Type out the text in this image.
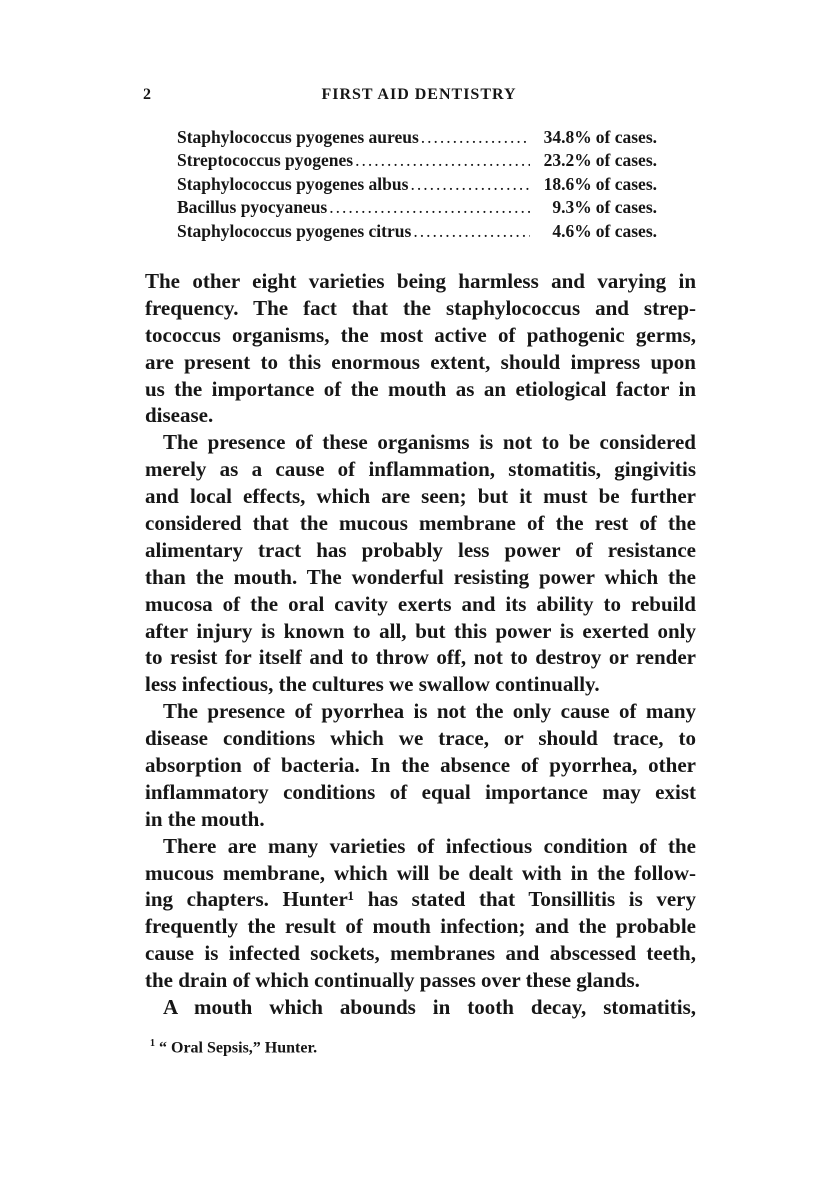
2	FIRST AID DENTISTRY
Staphylococcus pyogenes aureus .....	34.8% of cases.
Streptococcus pyogenes .....	23.2% of cases.
Staphylococcus pyogenes albus .....	18.6% of cases.
Bacillus pyocyaneus .....	9.3% of cases.
Staphylococcus pyogenes citrus .....	4.6% of cases.
The other eight varieties being harmless and varying in
frequency. The fact that the staphylococcus and strep-
tococcus organisms, the most active of pathogenic germs,
are present to this enormous extent, should impress upon
us the importance of the mouth as an etiological factor in
disease.
The presence of these organisms is not to be considered
merely as a cause of inflammation, stomatitis, gingivitis
and local effects, which are seen; but it must be further
considered that the mucous membrane of the rest of the
alimentary tract has probably less power of resistance
than the mouth. The wonderful resisting power which the
mucosa of the oral cavity exerts and its ability to rebuild
after injury is known to all, but this power is exerted only
to resist for itself and to throw off, not to destroy or render
less infectious, the cultures we swallow continually.
The presence of pyorrhea is not the only cause of many
disease conditions which we trace, or should trace, to
absorption of bacteria. In the absence of pyorrhea, other
inflammatory conditions of equal importance may exist
in the mouth.
There are many varieties of infectious condition of the
mucous membrane, which will be dealt with in the follow-
ing chapters. Hunter¹ has stated that Tonsillitis is very
frequently the result of mouth infection; and the probable
cause is infected sockets, membranes and abscessed teeth,
the drain of which continually passes over these glands.
A mouth which abounds in tooth decay, stomatitis,
$^1$ “ Oral Sepsis,” Hunter.
